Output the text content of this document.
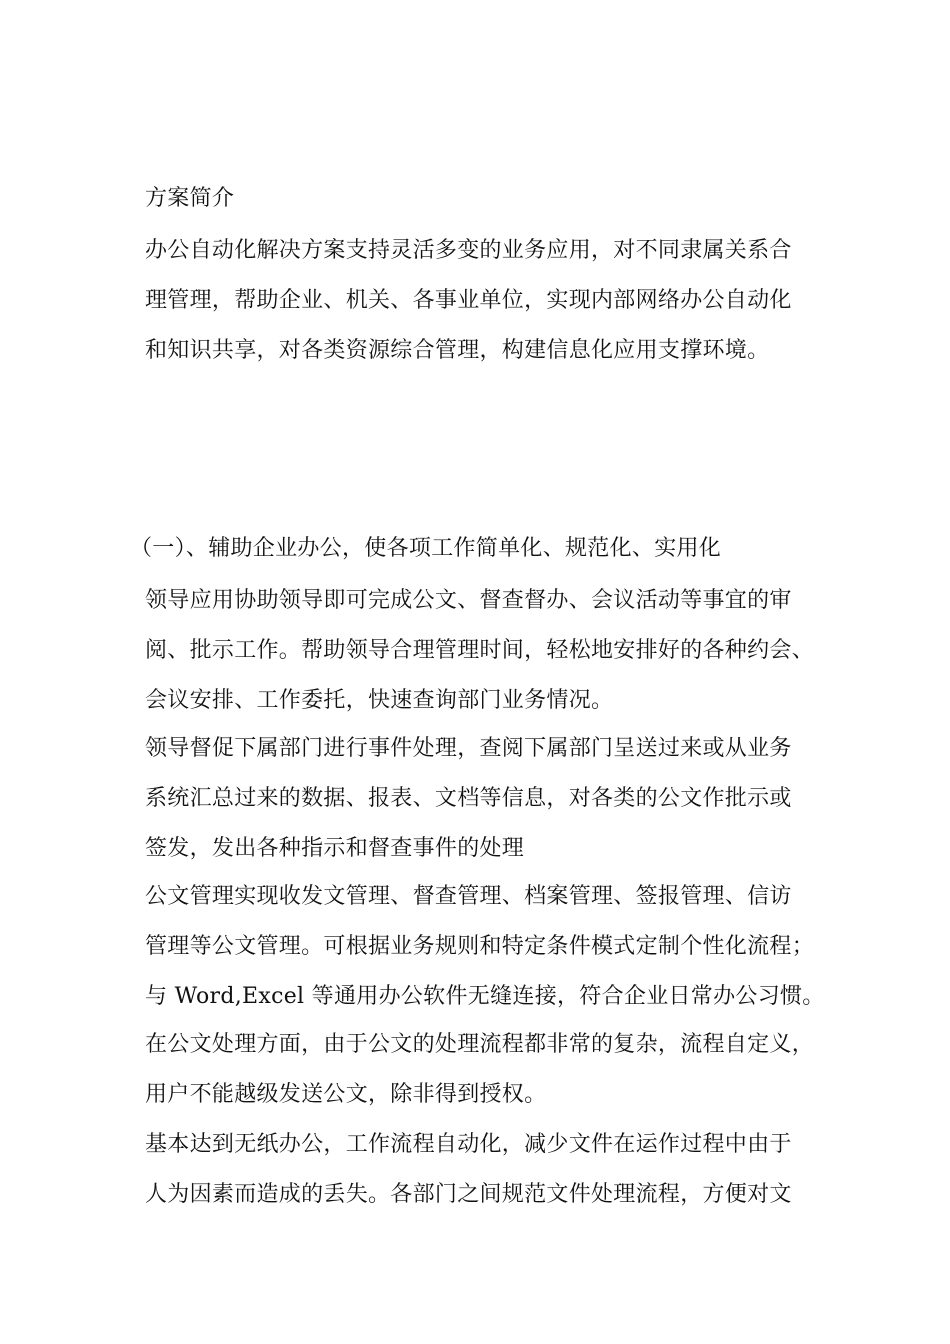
方案简介
办公自动化解决方案支持灵活多变的业务应用，对不同隶属关系合
理管理，帮助企业、机关、各事业单位，实现内部网络办公自动化
和知识共享，对各类资源综合管理，构建信息化应用支撑环境。
（一）、辅助企业办公，使各项工作简单化、规范化、实用化
领导应用协助领导即可完成公文、督查督办、会议活动等事宜的审
阅、批示工作。帮助领导合理管理时间，轻松地安排好的各种约会、
会议安排、工作委托，快速查询部门业务情况。
领导督促下属部门进行事件处理，查阅下属部门呈送过来或从业务
系统汇总过来的数据、报表、文档等信息，对各类的公文作批示或
签发，发出各种指示和督查事件的处理
公文管理实现收发文管理、督查管理、档案管理、签报管理、信访
管理等公文管理。可根据业务规则和特定条件模式定制个性化流程；
与 Word,Excel 等通用办公软件无缝连接，符合企业日常办公习惯。
在公文处理方面，由于公文的处理流程都非常的复杂，流程自定义，
用户不能越级发送公文，除非得到授权。
基本达到无纸办公，工作流程自动化，减少文件在运作过程中由于
人为因素而造成的丢失。各部门之间规范文件处理流程，方便对文
